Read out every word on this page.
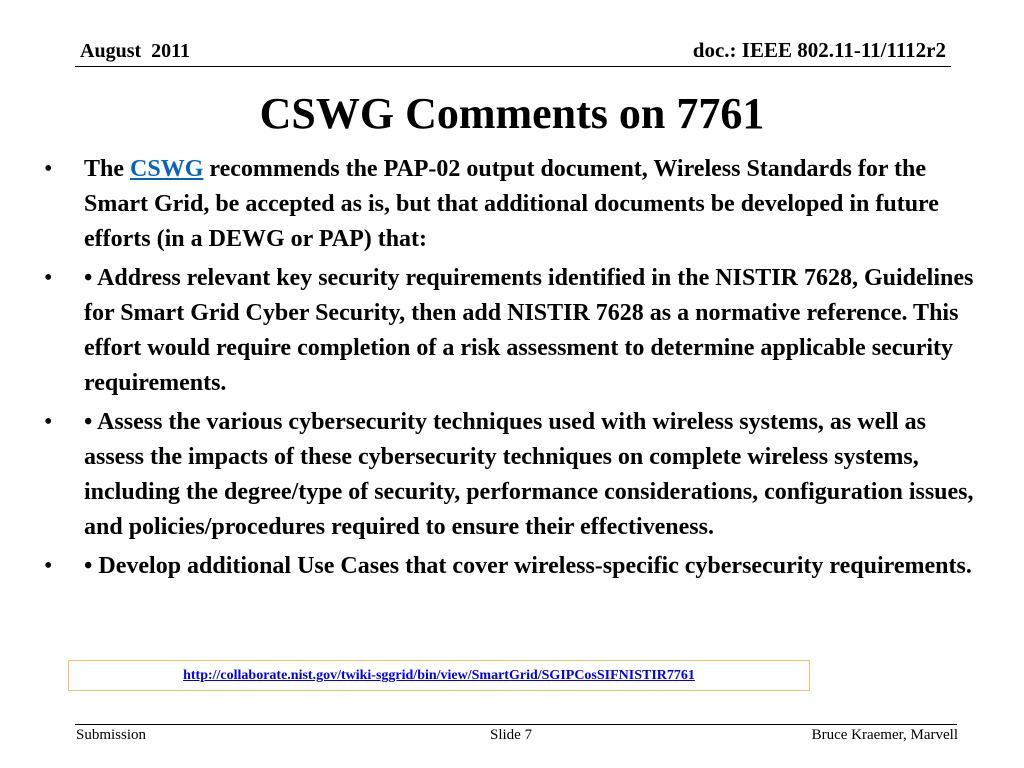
August  2011	doc.: IEEE 802.11-11/1112r2
CSWG Comments on 7761
• The CSWG recommends the PAP-02 output document, Wireless Standards for the Smart Grid, be accepted as is, but that additional documents be developed in future efforts (in a DEWG or PAP) that:
• • Address relevant key security requirements identified in the NISTIR 7628, Guidelines for Smart Grid Cyber Security, then add NISTIR 7628 as a normative reference. This effort would require completion of a risk assessment to determine applicable security requirements.
• • Assess the various cybersecurity techniques used with wireless systems, as well as assess the impacts of these cybersecurity techniques on complete wireless systems, including the degree/type of security, performance considerations, configuration issues, and policies/procedures required to ensure their effectiveness.
• • Develop additional Use Cases that cover wireless-specific cybersecurity requirements.
http://collaborate.nist.gov/twiki-sggrid/bin/view/SmartGrid/SGIPCosSIFNISTIR7761
Submission	Slide 7	Bruce Kraemer, Marvell
